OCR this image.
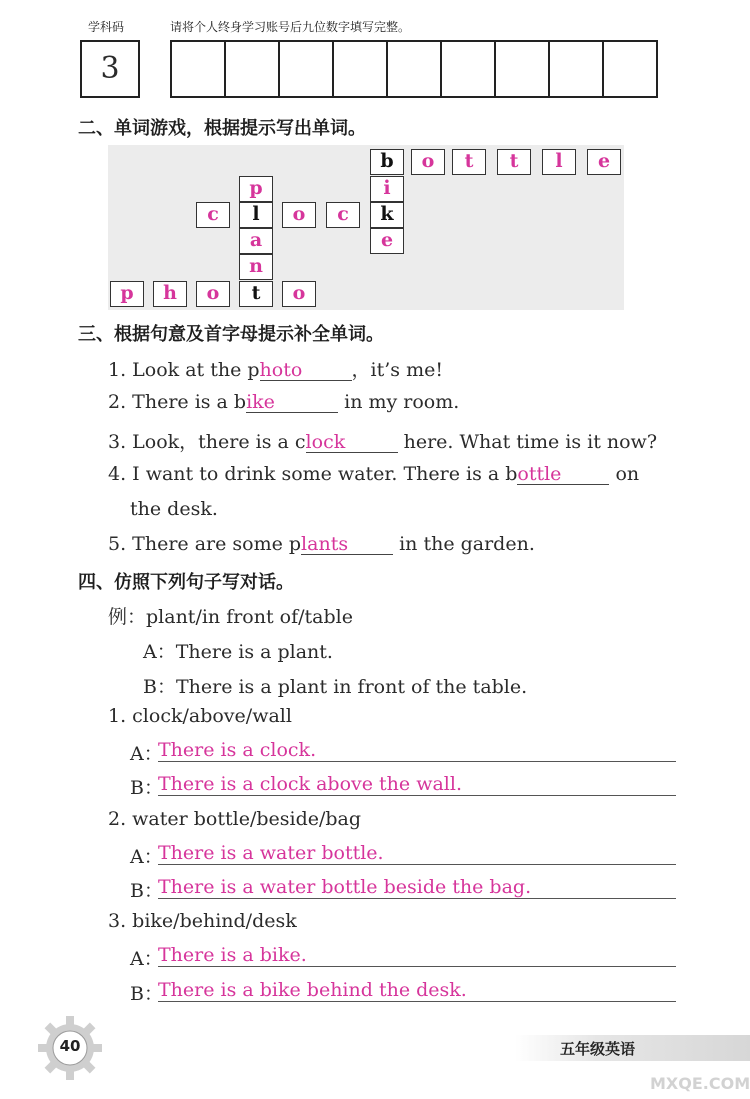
学科码	请将个人终身学习账号后九位数字填写完整。
3
二、单词游戏，根据提示写出单词。
b	o	t	t	l	e
i
k
e
p
l
a
n
c	o	c
p	h	o	t	o
三、根据句意及首字母提示补全单词。
1. Look at the photo	，it’s me!
2. There is a bike	in my room.
3. Look，there is a clock	here. What time is it now?
4. I want to drink some water. There is a bottle	on
the desk.
5. There are some plants	in the garden.
四、仿照下列句子写对话。
例：plant/in front of/table
A：There is a plant.
B：There is a plant in front of the table.
1. clock/above/wall
A：
There is a clock.
B：
There is a clock above the wall.
2. water bottle/beside/bag
A：
There is a water bottle.
B：
There is a water bottle beside the bag.
3. bike/behind/desk
A：
There is a bike.
B：
There is a bike behind the desk.
40	五年级英语
MXQE.COM
